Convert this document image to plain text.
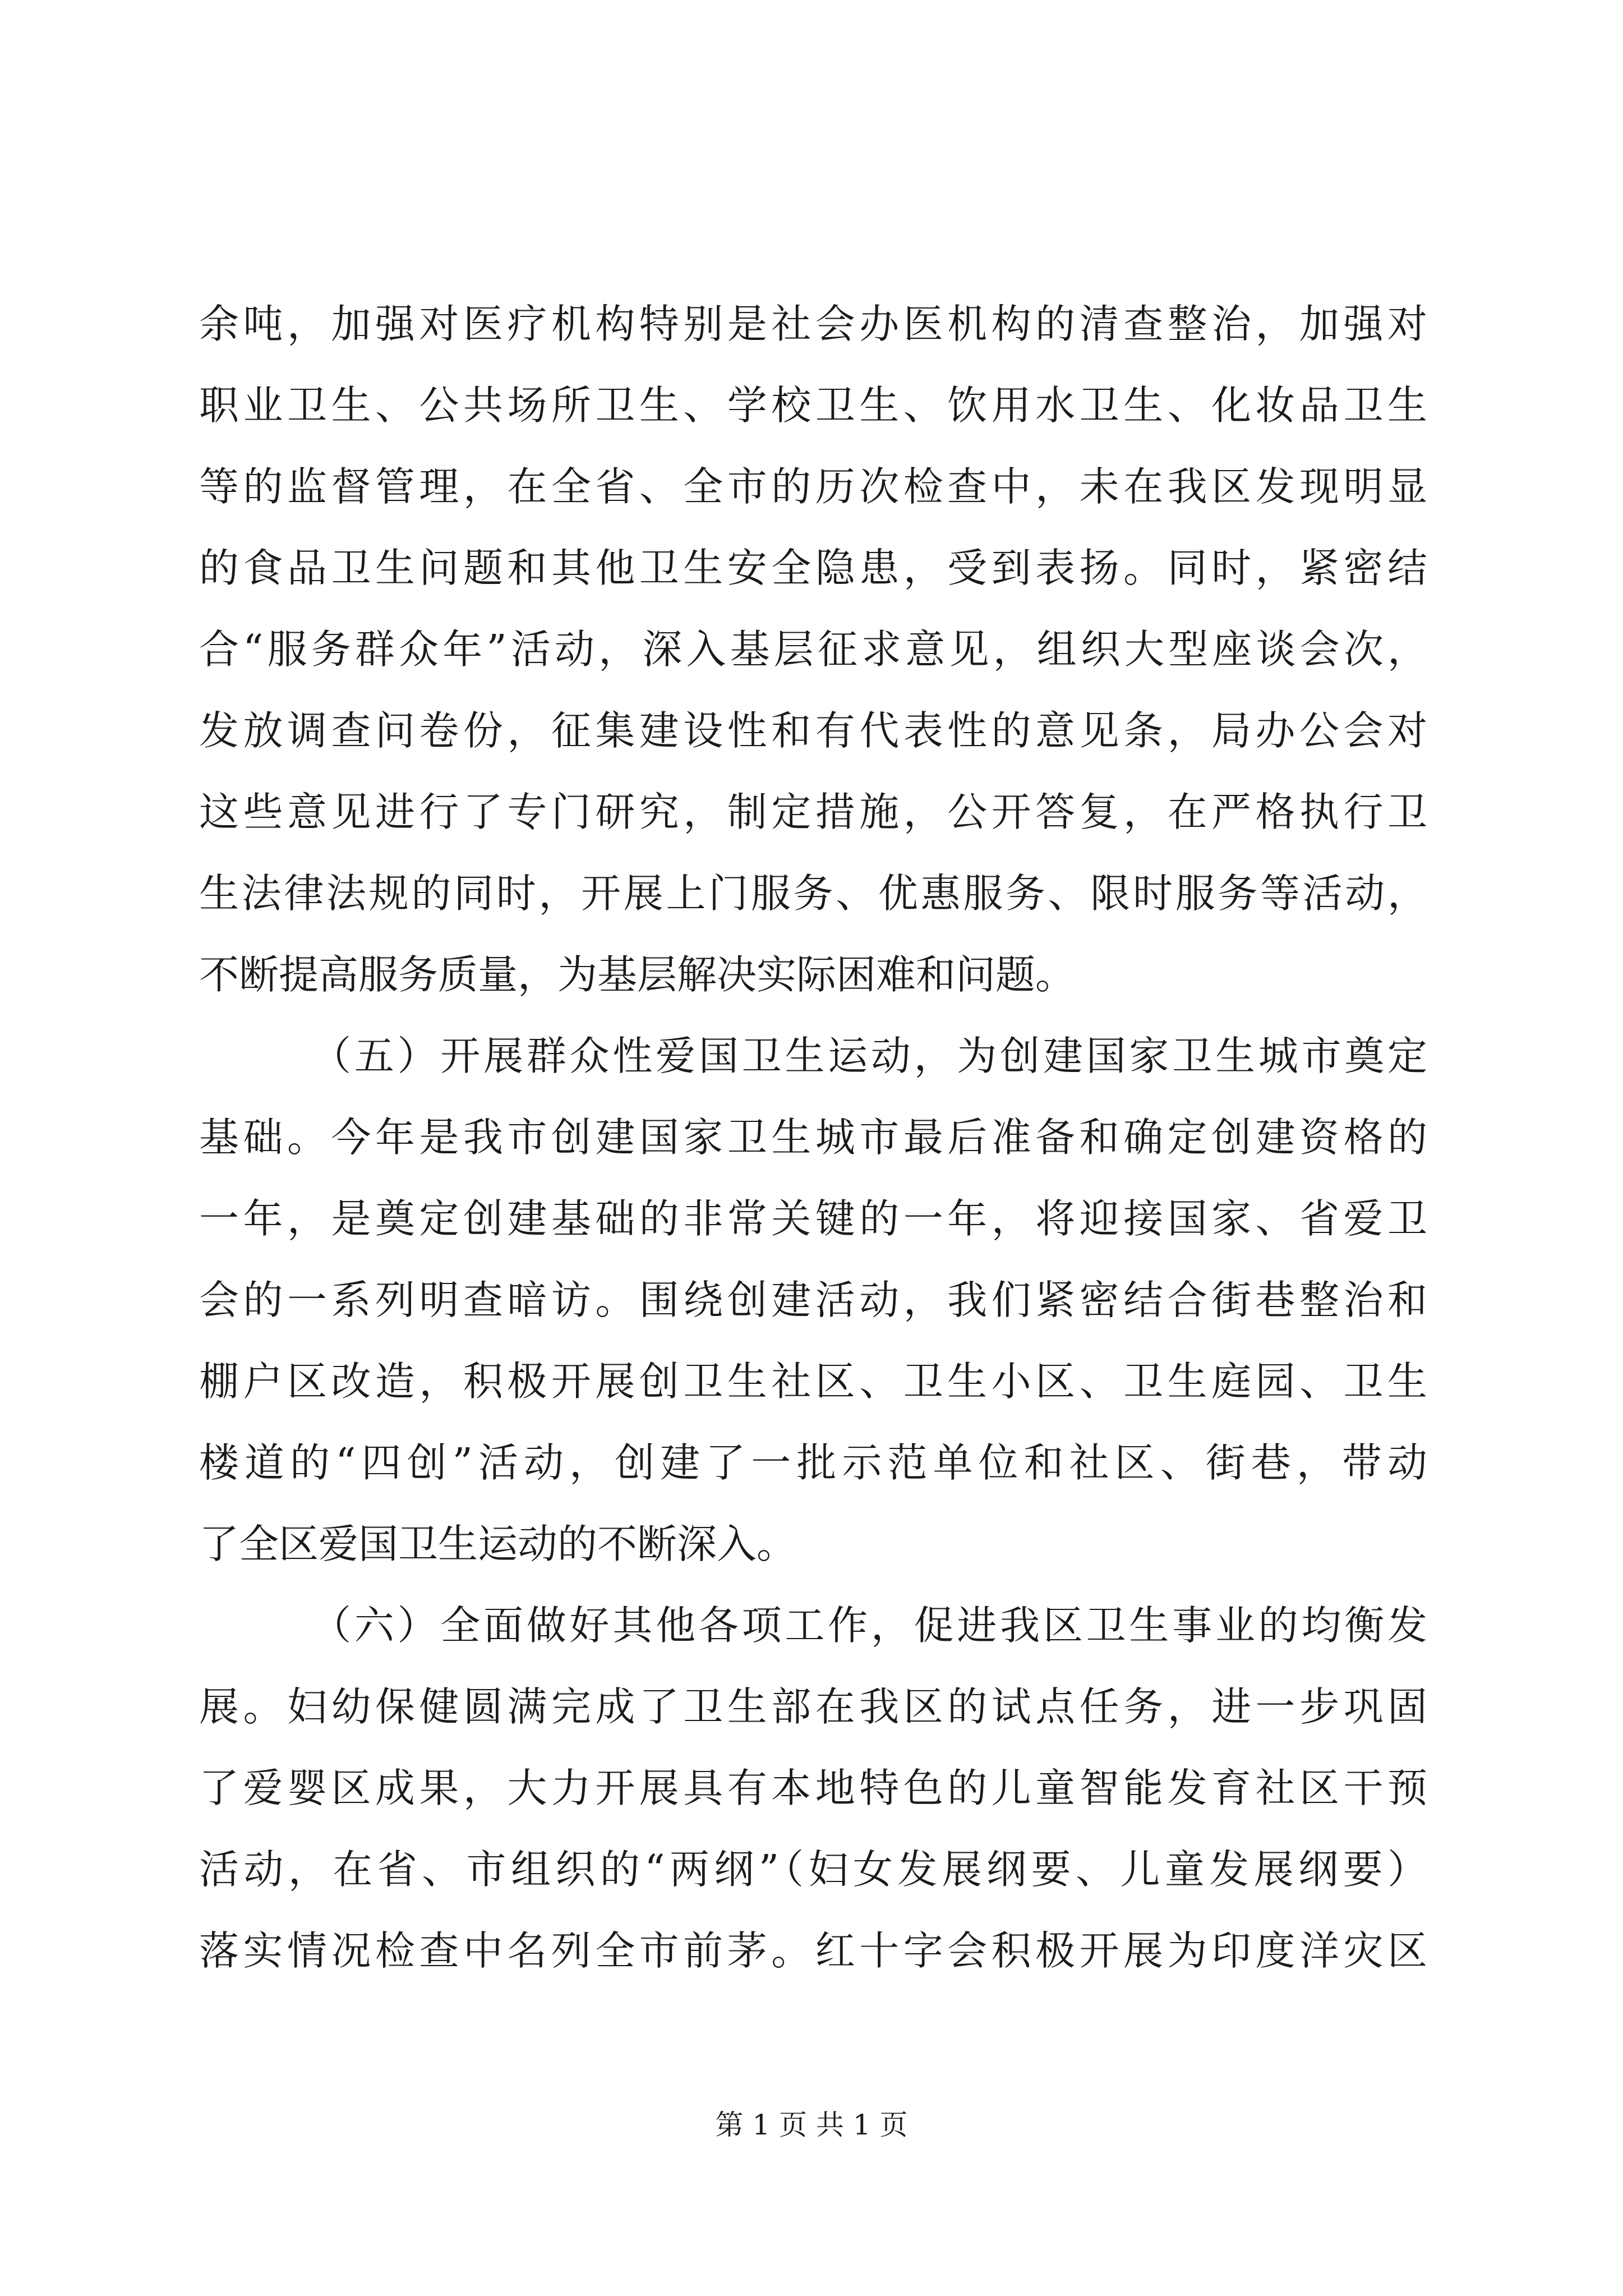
余吨，加强对医疗机构特别是社会办医机构的清查整治，加强对
职业卫生、公共场所卫生、学校卫生、饮用水卫生、化妆品卫生
等的监督管理，在全省、全市的历次检查中，未在我区发现明显
的食品卫生问题和其他卫生安全隐患，受到表扬。同时，紧密结
合“服务群众年”活动，深入基层征求意见，组织大型座谈会次，
发放调查问卷份，征集建设性和有代表性的意见条，局办公会对
这些意见进行了专门研究，制定措施，公开答复，在严格执行卫
生法律法规的同时，开展上门服务、优惠服务、限时服务等活动，
不断提高服务质量，为基层解决实际困难和问题。
（五）开展群众性爱国卫生运动，为创建国家卫生城市奠定
基础。今年是我市创建国家卫生城市最后准备和确定创建资格的
一年，是奠定创建基础的非常关键的一年，将迎接国家、省爱卫
会的一系列明查暗访。围绕创建活动，我们紧密结合街巷整治和
棚户区改造，积极开展创卫生社区、卫生小区、卫生庭园、卫生
楼道的“四创”活动，创建了一批示范单位和社区、街巷，带动
了全区爱国卫生运动的不断深入。
（六）全面做好其他各项工作，促进我区卫生事业的均衡发
展。妇幼保健圆满完成了卫生部在我区的试点任务，进一步巩固
了爱婴区成果，大力开展具有本地特色的儿童智能发育社区干预
活动，在省、市组织的“两纲”（妇女发展纲要、儿童发展纲要）
落实情况检查中名列全市前茅。红十字会积极开展为印度洋灾区
第 1 页 共 1 页
